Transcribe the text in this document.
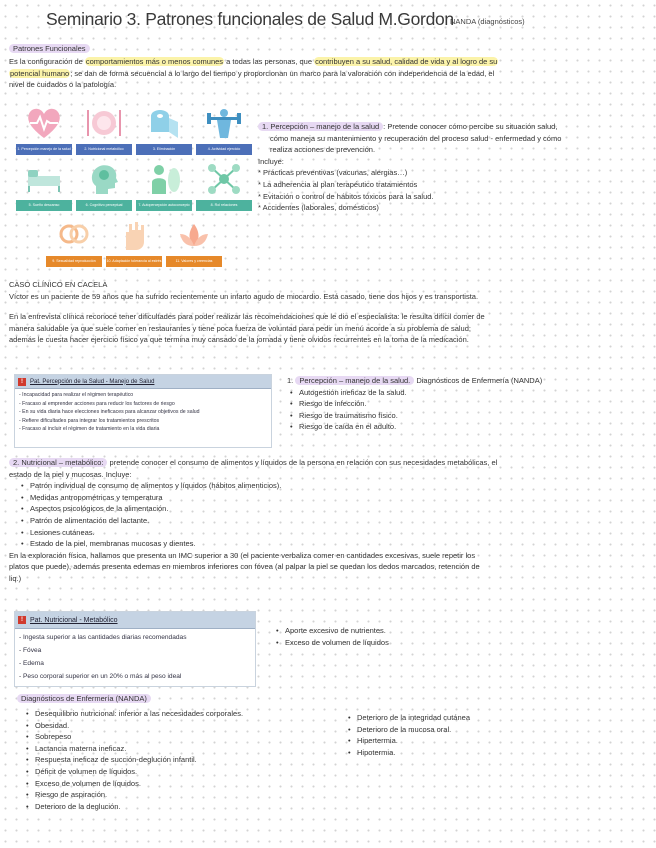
Seminario 3. Patrones funcionales de Salud M.Gordon
NANDA (diagnósticos)
Patrones Funcionales
Es la configuración de comportamientos más o menos comunes a todas las personas, que contribuyen a su salud, calidad de vida y al logro de su
potencial humano; se dan de forma secuencial a lo largo del tiempo y proporcionan un marco para la valoración con independencia de la edad, el
nivel de cuidados o la patología.
1. Percepción manejo de la salud	2. Nutricional metabólico	3. Eliminación	4. Actividad ejercicio
5. Sueño descanso	6. Cognitivo perceptual	7. Autopercepción autoconcepto	8. Rol relaciones
9. Sexualidad reproducción	10. Adaptación tolerancia al estrés	11. Valores y creencias
1. Percepción – manejo de la salud : Pretende conocer cómo percibe su situación salud,
cómo maneja su mantenimiento y recuperación del proceso salud - enfermedad y cómo
realiza acciones de prevención.
Incluye:
* Prácticas preventivas (vacunas, alergias…)
* La adherencia al plan terapéutico tratamientos
* Evitación o control de hábitos tóxicos para la salud.
* Accidentes (laborales, domésticos)
CASO CLÍNICO EN CACELA
Víctor es un paciente de 59 años que ha sufrido recientemente un infarto agudo de miocardio. Está casado, tiene dos hijos y es transportista.
En la entrevista clínica reconoce tener dificultades para poder realizar las recomendaciones que le dio el especialista: le resulta difícil comer de
manera saludable ya que suele comer en restaurantes y tiene poca fuerza de voluntad para pedir un menú acorde a su problema de salud;
además le cuesta hacer ejercicio físico ya que termina muy cansado de la jornada y tiene olvidos recurrentes en la toma de la medicación.
!	Pat. Percepción de la Salud - Manejo de Salud
- Incapacidad para realizar el régimen terapéutico
- Fracaso al emprender acciones para reducir los factores de riesgo
- En su vida diaria hace elecciones ineficaces para alcanzar objetivos de salud
- Refiere dificultades para integrar los tratamientos prescritos
- Fracaso al incluir el régimen de tratamiento en la vida diaria
1. Percepción – manejo de la salud. Diagnósticos de Enfermería (NANDA)
• Autogestión ineficaz de la salud.
• Riesgo de infección.
• Riesgo de traumatismo físico.
• Riesgo de caída en el adulto.
2. Nutricional – metabólico: pretende conocer el consumo de alimentos y líquidos de la persona en relación con sus necesidades metabólicas, el
estado de la piel y mucosas. Incluye:
• Patrón individual de consumo de alimentos y líquidos (hábitos alimenticios).
• Medidas antropométricas y temperatura
• Aspectos psicológicos de la alimentación.
• Patrón de alimentación del lactante.
• Lesiones cutáneas.
• Estado de la piel, membranas mucosas y dientes.
En la exploración física, hallamos que presenta un IMC superior a 30 (el paciente verbaliza comer en cantidades excesivas, suele repetir los
platos que puede), además presenta edemas en miembros inferiores con fóvea (al palpar la piel se quedan los dedos marcados, retención de
liq.)
!	Pat. Nutricional - Metabólico
- Ingesta superior a las cantidades diarias recomendadas
- Fóvea
- Edema
- Peso corporal superior en un 20% o más al peso ideal
• Aporte excesivo de nutrientes.
• Exceso de volumen de líquidos
Diagnósticos de Enfermería (NANDA)
• Desequilibrio nutricional: inferior a las necesidades corporales.
• Obesidad.
• Sobrepeso
• Lactancia materna ineficaz.
• Respuesta ineficaz de succión-deglución infantil.
• Déficit de volumen de líquidos.
• Exceso de volumen de líquidos.
• Riesgo de aspiración.
• Deterioro de la deglución.
• Deterioro de la integridad cutánea
• Deterioro de la mucosa oral.
• Hipertermia.
• Hipotermia.
